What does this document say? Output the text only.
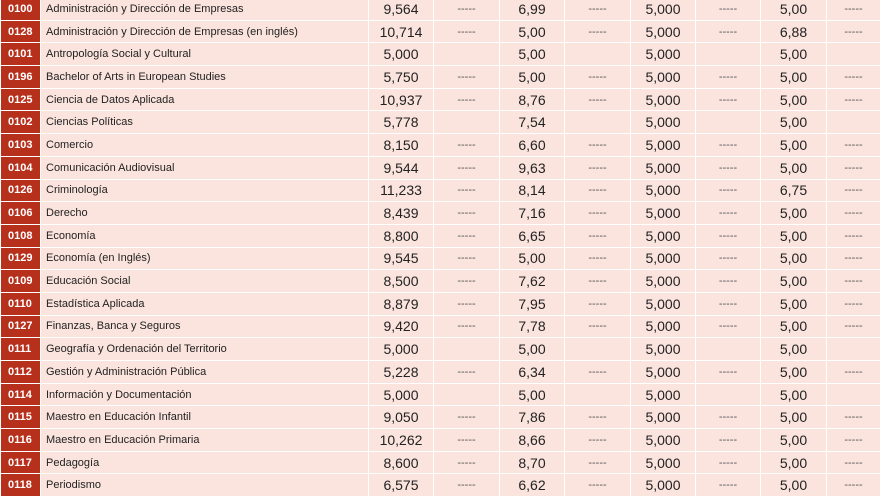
0100	Administración y Dirección de Empresas	9,564	-----	6,99	-----	5,000	-----	5,00	-----
0128	Administración y Dirección de Empresas (en inglés)	10,714	-----	5,00	-----	5,000	-----	6,88	-----
0101	Antropología Social y Cultural	5,000		5,00		5,000		5,00	
0196	Bachelor of Arts in European Studies	5,750	-----	5,00	-----	5,000	-----	5,00	-----
0125	Ciencia de Datos Aplicada	10,937	-----	8,76	-----	5,000	-----	5,00	-----
0102	Ciencias Políticas	5,778		7,54		5,000		5,00	
0103	Comercio	8,150	-----	6,60	-----	5,000	-----	5,00	-----
0104	Comunicación Audiovisual	9,544	-----	9,63	-----	5,000	-----	5,00	-----
0126	Criminología	11,233	-----	8,14	-----	5,000	-----	6,75	-----
0106	Derecho	8,439	-----	7,16	-----	5,000	-----	5,00	-----
0108	Economía	8,800	-----	6,65	-----	5,000	-----	5,00	-----
0129	Economía (en Inglés)	9,545	-----	5,00	-----	5,000	-----	5,00	-----
0109	Educación Social	8,500	-----	7,62	-----	5,000	-----	5,00	-----
0110	Estadística Aplicada	8,879	-----	7,95	-----	5,000	-----	5,00	-----
0127	Finanzas, Banca y Seguros	9,420	-----	7,78	-----	5,000	-----	5,00	-----
0111	Geografía y Ordenación del Territorio	5,000		5,00		5,000		5,00	
0112	Gestión y Administración Pública	5,228	-----	6,34	-----	5,000	-----	5,00	-----
0114	Información y Documentación	5,000		5,00		5,000		5,00	
0115	Maestro en Educación Infantil	9,050	-----	7,86	-----	5,000	-----	5,00	-----
0116	Maestro en Educación Primaria	10,262	-----	8,66	-----	5,000	-----	5,00	-----
0117	Pedagogía	8,600	-----	8,70	-----	5,000	-----	5,00	-----
0118	Periodismo	6,575	-----	6,62	-----	5,000	-----	5,00	-----
